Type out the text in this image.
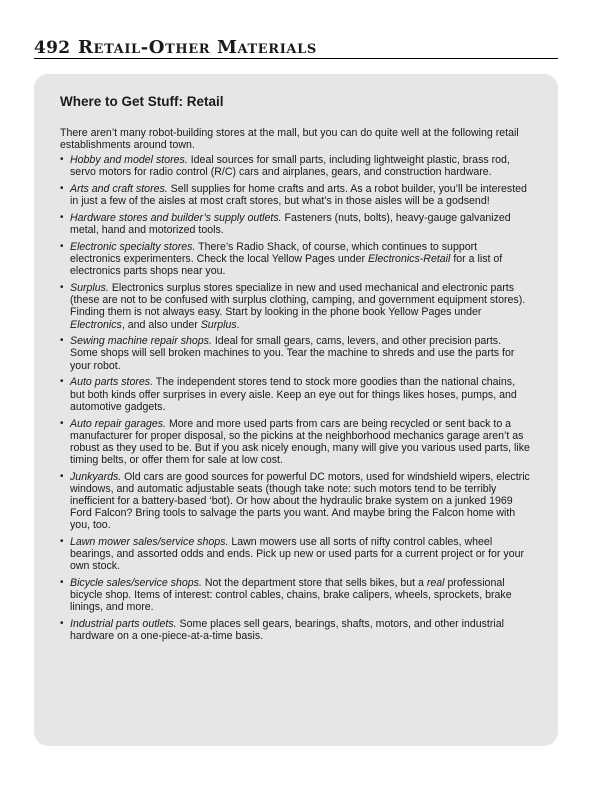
492 Retail-Other Materials
Where to Get Stuff: Retail

There aren’t many robot-building stores at the mall, but you can do quite well at the following retail establishments around town.

• Hobby and model stores. Ideal sources for small parts, including lightweight plastic, brass rod, servo motors for radio control (R/C) cars and airplanes, gears, and construction hardware.
• Arts and craft stores. Sell supplies for home crafts and arts. As a robot builder, you’ll be interested in just a few of the aisles at most craft stores, but what’s in those aisles will be a godsend!
• Hardware stores and builder’s supply outlets. Fasteners (nuts, bolts), heavy-gauge galvanized metal, hand and motorized tools.
• Electronic specialty stores. There’s Radio Shack, of course, which continues to support electronics experimenters. Check the local Yellow Pages under Electronics-Retail for a list of electronics parts shops near you.
• Surplus. Electronics surplus stores specialize in new and used mechanical and electronic parts (these are not to be confused with surplus clothing, camping, and government equipment stores). Finding them is not always easy. Start by looking in the phone book Yellow Pages under Electronics, and also under Surplus.
• Sewing machine repair shops. Ideal for small gears, cams, levers, and other precision parts. Some shops will sell broken machines to you. Tear the machine to shreds and use the parts for your robot.
• Auto parts stores. The independent stores tend to stock more goodies than the national chains, but both kinds offer surprises in every aisle. Keep an eye out for things likes hoses, pumps, and automotive gadgets.
• Auto repair garages. More and more used parts from cars are being recycled or sent back to a manufacturer for proper disposal, so the pickins at the neighborhood mechanics garage aren’t as robust as they used to be. But if you ask nicely enough, many will give you various used parts, like timing belts, or offer them for sale at low cost.
• Junkyards. Old cars are good sources for powerful DC motors, used for windshield wipers, electric windows, and automatic adjustable seats (though take note: such motors tend to be terribly inefficient for a battery-based ‘bot). Or how about the hydraulic brake system on a junked 1969 Ford Falcon? Bring tools to salvage the parts you want. And maybe bring the Falcon home with you, too.
• Lawn mower sales/service shops. Lawn mowers use all sorts of nifty control cables, wheel bearings, and assorted odds and ends. Pick up new or used parts for a current project or for your own stock.
• Bicycle sales/service shops. Not the department store that sells bikes, but a real professional bicycle shop. Items of interest: control cables, chains, brake calipers, wheels, sprockets, brake linings, and more.
• Industrial parts outlets. Some places sell gears, bearings, shafts, motors, and other industrial hardware on a one-piece-at-a-time basis.
